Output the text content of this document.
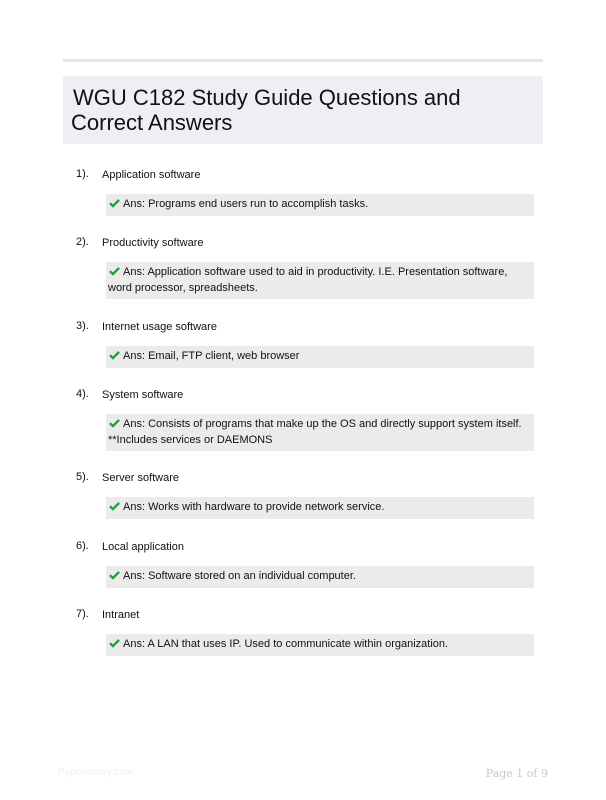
WGU C182 Study Guide Questions and Correct Answers
1). Application software
Ans: Programs end users run to accomplish tasks.
2). Productivity software
Ans: Application software used to aid in productivity. I.E. Presentation software, word processor, spreadsheets.
3). Internet usage software
Ans: Email, FTP client, web browser
4). System software
Ans: Consists of programs that make up the OS and directly support system itself. **Includes services or DAEMONS
5). Server software
Ans: Works with hardware to provide network service.
6). Local application
Ans: Software stored on an individual computer.
7). Intranet
Ans: A LAN that uses IP. Used to communicate within organization.
Paperlibrary.com	Page 1 of 9
